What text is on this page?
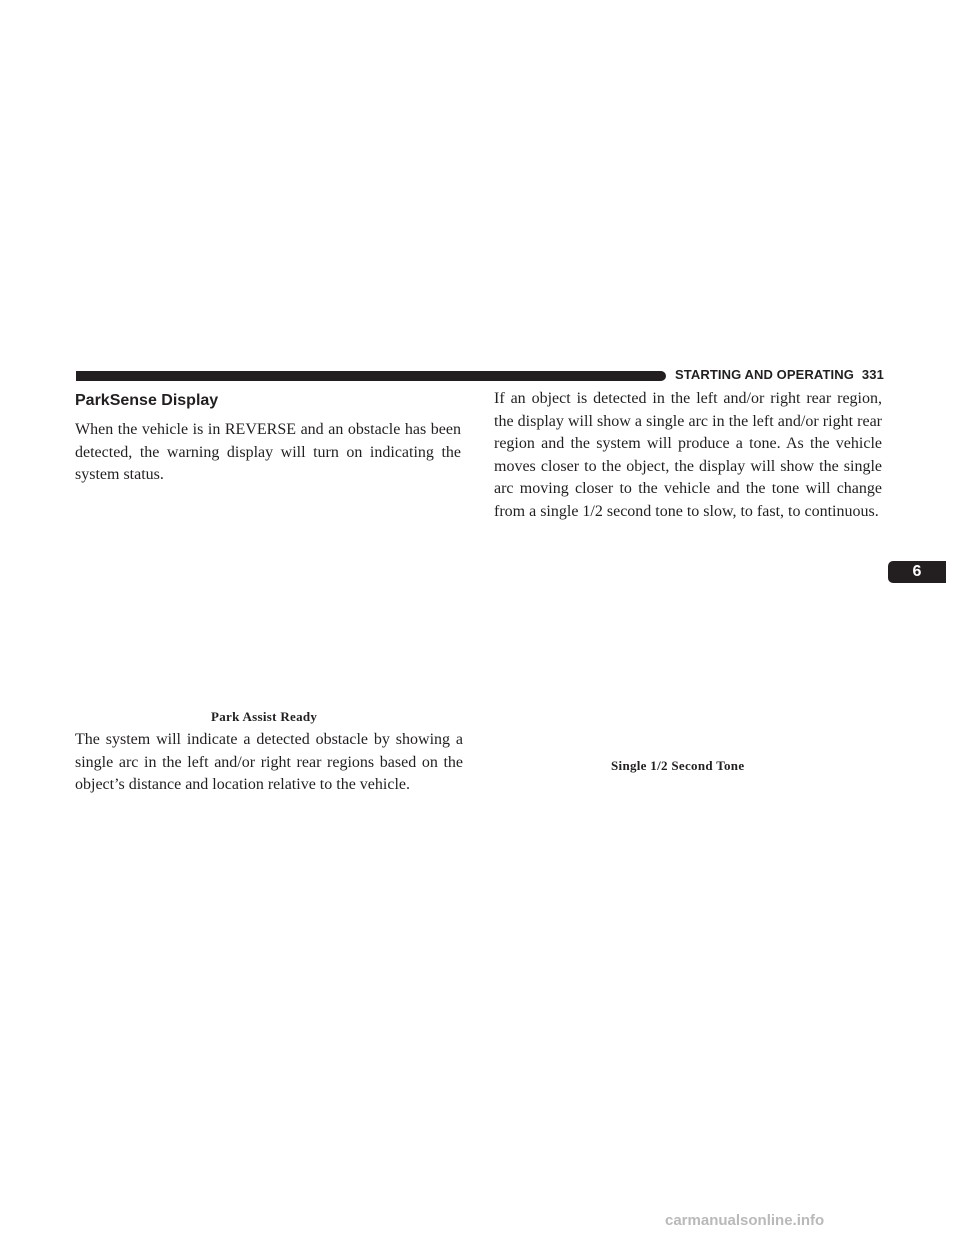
STARTING AND OPERATING 331
ParkSense Display

When the vehicle is in REVERSE and an obstacle has been detected, the warning display will turn on indicating the system status.

Park Assist Ready

The system will indicate a detected obstacle by showing a single arc in the left and/or right rear regions based on the object’s distance and location relative to the vehicle.

If an object is detected in the left and/or right rear region, the display will show a single arc in the left and/or right rear region and the system will produce a tone. As the vehicle moves closer to the object, the display will show the single arc moving closer to the vehicle and the tone will change from a single 1/2 second tone to slow, to fast, to continuous.

Single 1/2 Second Tone

6
carmanualsonline.info
